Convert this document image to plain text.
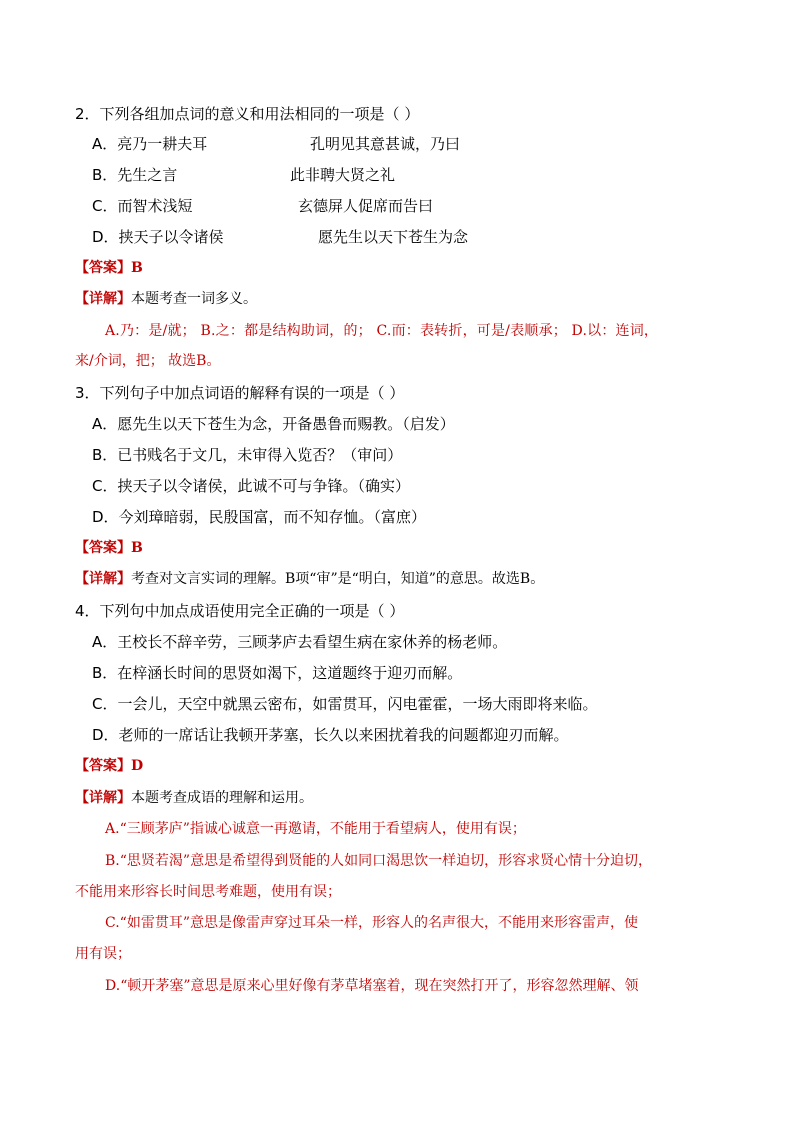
2．下列各组加点词的意义和用法相同的一项是（ ）
A．亮乃一耕夫耳	孔明见其意甚诚，乃曰
B．先生之言	此非聘大贤之礼
C．而智术浅短	玄德屏人促席而告曰
D．挟天子以令诸侯	愿先生以天下苍生为念
【答案】B
【详解】本题考查一词多义。
A.乃：是/就； B.之：都是结构助词，的； C.而：表转折，可是/表顺承； D.以：连词，
来/介词，把； 故选B。
3．下列句子中加点词语的解释有误的一项是（ ）
A．愿先生以天下苍生为念，开备愚鲁而赐教。（启发）
B．已书贱名于文几，未审得入览否？（审问）
C．挟天子以令诸侯，此诚不可与争锋。（确实）
D．今刘璋暗弱，民殷国富，而不知存恤。（富庶）
【答案】B
【详解】考查对文言实词的理解。B项“审”是“明白，知道”的意思。故选B。
4．下列句中加点成语使用完全正确的一项是（ ）
A．王校长不辞辛劳，三顾茅庐去看望生病在家休养的杨老师。
B．在梓涵长时间的思贤如渴下，这道题终于迎刃而解。
C．一会儿，天空中就黑云密布，如雷贯耳，闪电霍霍，一场大雨即将来临。
D．老师的一席话让我顿开茅塞，长久以来困扰着我的问题都迎刃而解。
【答案】D
【详解】本题考查成语的理解和运用。
A.“三顾茅庐”指诚心诚意一再邀请，不能用于看望病人，使用有误；
B.“思贤若渴”意思是希望得到贤能的人如同口渴思饮一样迫切，形容求贤心情十分迫切，
不能用来形容长时间思考难题，使用有误；
C.“如雷贯耳”意思是像雷声穿过耳朵一样，形容人的名声很大，不能用来形容雷声，使
用有误；
D.“顿开茅塞”意思是原来心里好像有茅草堵塞着，现在突然打开了，形容忽然理解、领
